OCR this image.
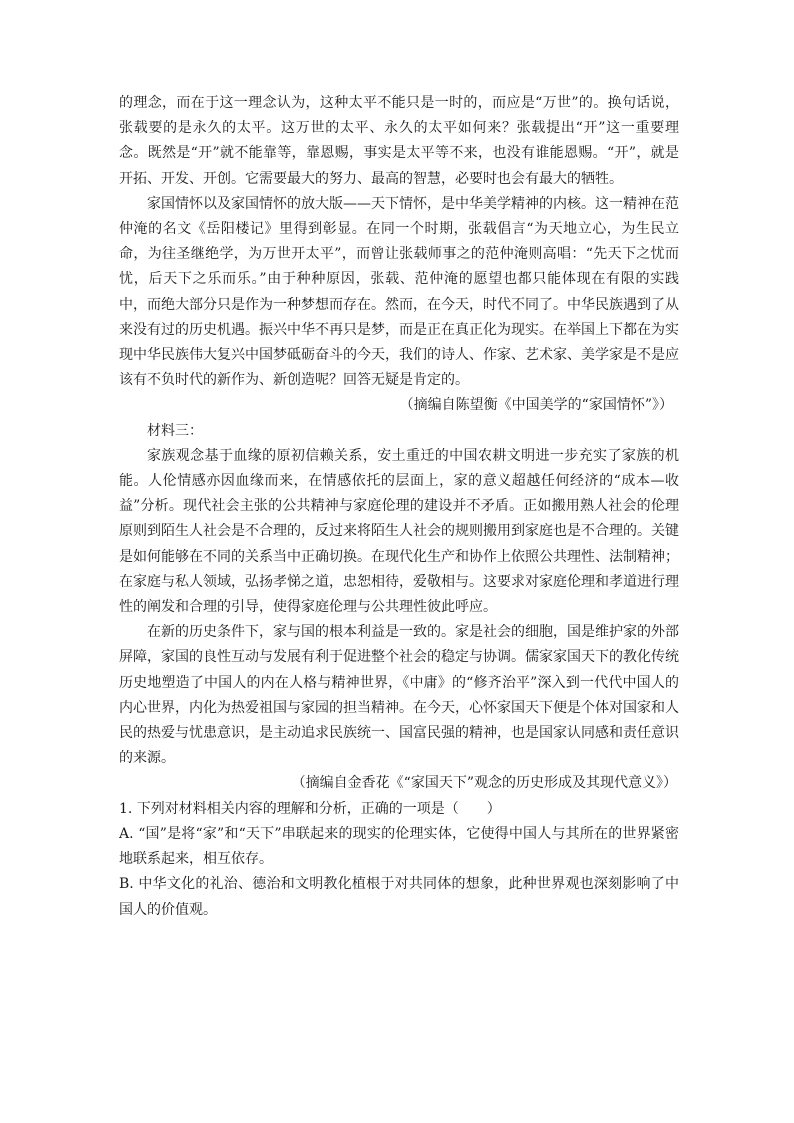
的理念，而在于这一理念认为，这种太平不能只是一时的，而应是“万世”的。换句话说，张载要的是永久的太平。这万世的太平、永久的太平如何来？张载提出“开”这一重要理念。既然是“开”就不能靠等，靠恩赐，事实是太平等不来，也没有谁能恩赐。“开”，就是开拓、开发、开创。它需要最大的努力、最高的智慧，必要时也会有最大的牺牲。

家国情怀以及家国情怀的放大版——天下情怀，是中华美学精神的内核。这一精神在范仲淹的名文《岳阳楼记》里得到彰显。在同一个时期，张载倡言“为天地立心，为生民立命，为往圣继绝学，为万世开太平”，而曾让张载师事之的范仲淹则高唱：“先天下之忧而忧，后天下之乐而乐。”由于种种原因，张载、范仲淹的愿望也都只能体现在有限的实践中，而绝大部分只是作为一种梦想而存在。然而，在今天，时代不同了。中华民族遇到了从来没有过的历史机遇。振兴中华不再只是梦，而是正在真正化为现实。在举国上下都在为实现中华民族伟大复兴中国梦砥砺奋斗的今天，我们的诗人、作家、艺术家、美学家是不是应该有不负时代的新作为、新创造呢？回答无疑是肯定的。

（摘编自陈望衡《中国美学的“家国情怀”》）

材料三：

家族观念基于血缘的原初信赖关系，安土重迁的中国农耕文明进一步充实了家族的机能。人伦情感亦因血缘而来，在情感依托的层面上，家的意义超越任何经济的“成本—收益”分析。现代社会主张的公共精神与家庭伦理的建设并不矛盾。正如搬用熟人社会的伦理原则到陌生人社会是不合理的，反过来将陌生人社会的规则搬用到家庭也是不合理的。关键是如何能够在不同的关系当中正确切换。在现代化生产和协作上依照公共理性、法制精神；在家庭与私人领域，弘扬孝悌之道，忠恕相待，爱敬相与。这要求对家庭伦理和孝道进行理性的阐发和合理的引导，使得家庭伦理与公共理性彼此呼应。

在新的历史条件下，家与国的根本利益是一致的。家是社会的细胞，国是维护家的外部屏障，家国的良性互动与发展有利于促进整个社会的稳定与协调。儒家家国天下的教化传统历史地塑造了中国人的内在人格与精神世界，《中庸》的“修齐治平”深入到一代代中国人的内心世界，内化为热爱祖国与家园的担当精神。在今天，心怀家国天下便是个体对国家和人民的热爱与忧患意识，是主动追求民族统一、国富民强的精神，也是国家认同感和责任意识的来源。

（摘编自金香花《“家国天下”观念的历史形成及其现代意义》）

1. 下列对材料相关内容的理解和分析，正确的一项是（　　）

A. “国”是将“家”和“天下”串联起来的现实的伦理实体，它使得中国人与其所在的世界紧密地联系起来，相互依存。

B. 中华文化的礼治、德治和文明教化植根于对共同体的想象，此种世界观也深刻影响了中国人的价值观。
